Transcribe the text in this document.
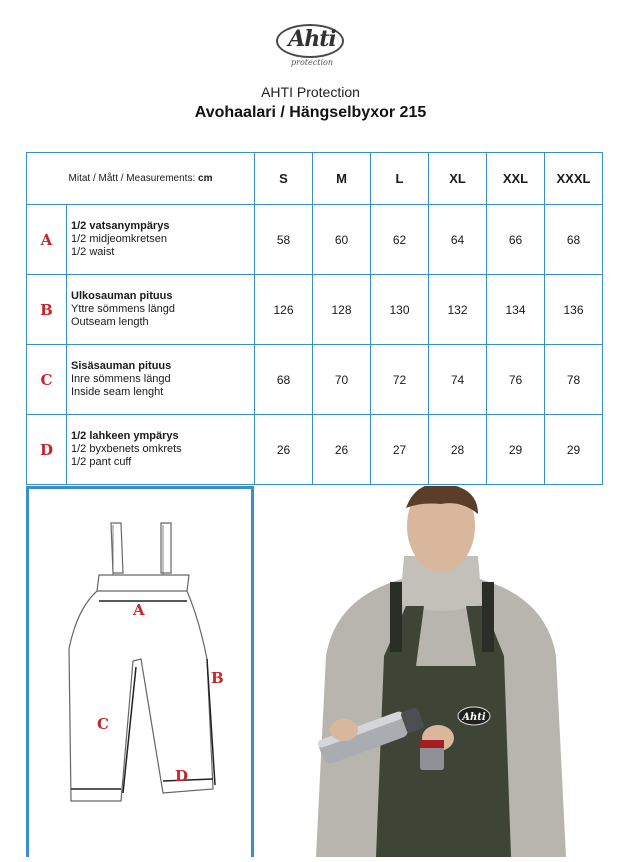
Ahti
protection
AHTI Protection
Avohaalari / Hängselbyxor 215
Mitat / Mått / Measurements: cm		S	M	L	XL	XXL	XXXL
A	1/2 vatsanympärys
1/2 midjeomkretsen
1/2 waist	58	60	62	64	66	68
B	Ulkosauman pituus
Yttre sömmens längd
Outseam length	126	128	130	132	134	136
C	Sisäsauman pituus
Inre sömmens längd
Inside seam lenght	68	70	72	74	76	78
D	1/2 lahkeen ympärys
1/2 byxbenets omkrets
1/2 pant cuff	26	26	27	28	29	29
A
B
C
D
Ahti
